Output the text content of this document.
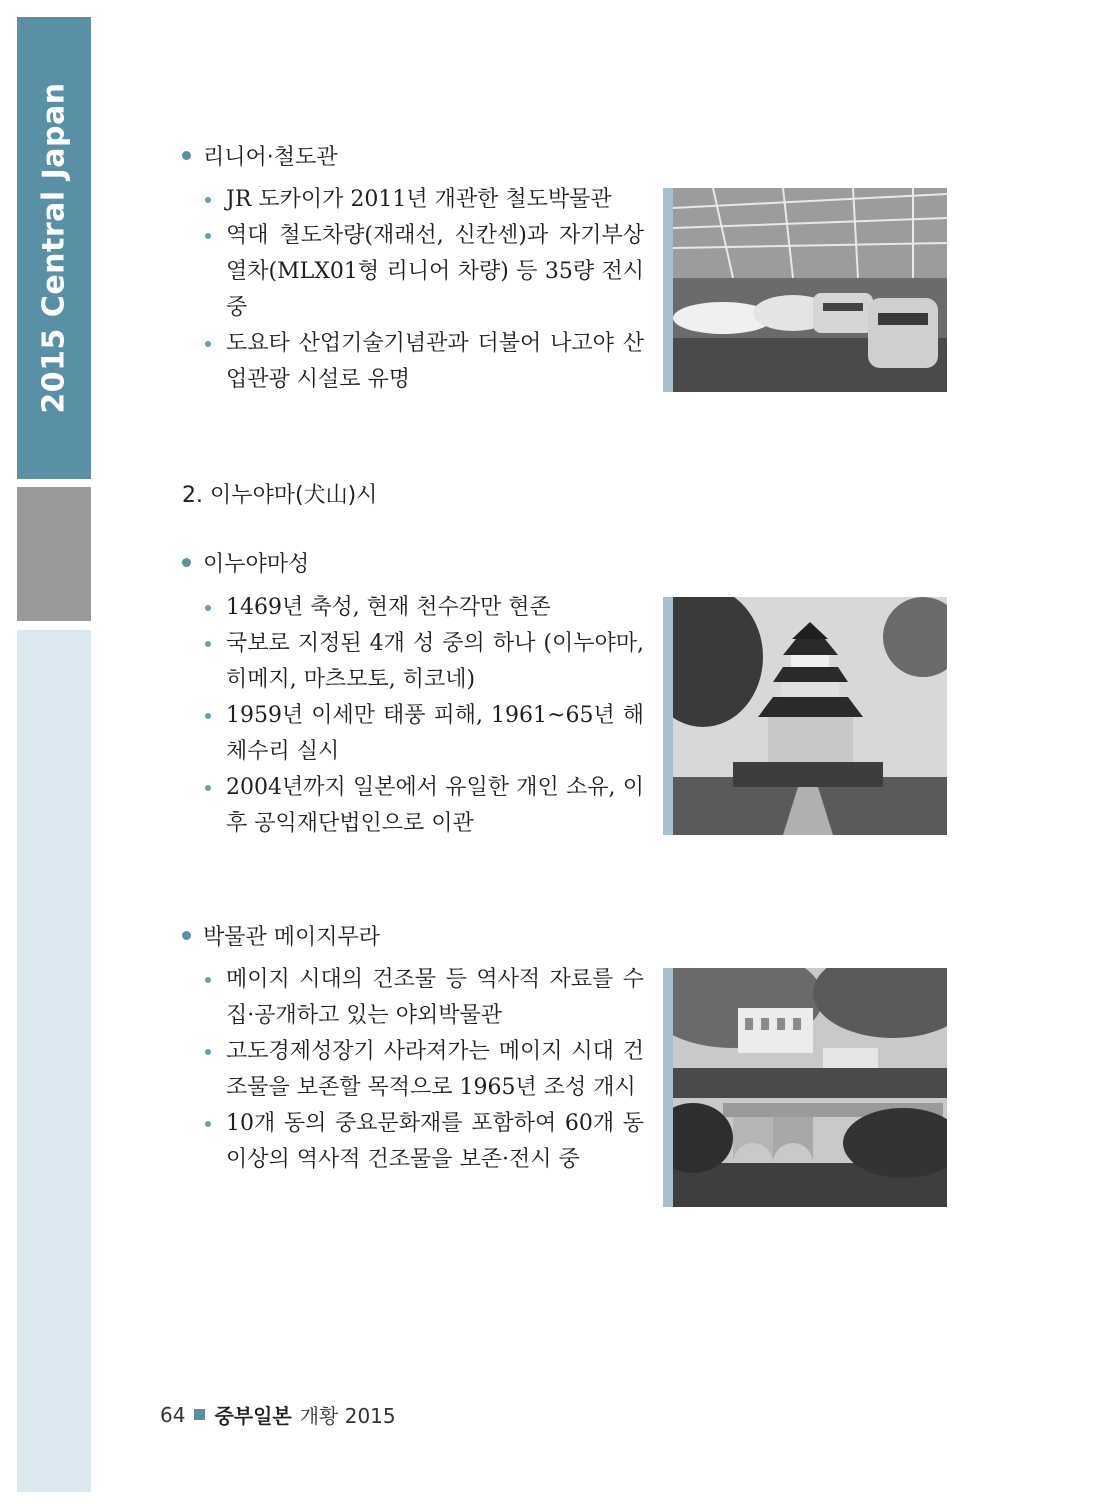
2015 Central Japan	리니어·철도관
JR 도카이가 2011년 개관한 철도박물관
역대 철도차량(재래선, 신칸센)과 자기부상열차(MLX01형 리니어 차량) 등 35량 전시 중
도요타 산업기술기념관과 더불어 나고야 산업관광 시설로 유명
2. 이누야마(犬山)시
이누야마성
1469년 축성, 현재 천수각만 현존
국보로 지정된 4개 성 중의 하나 (이누야마, 히메지, 마츠모토, 히코네)
1959년 이세만 태풍 피해, 1961~65년 해체수리 실시
2004년까지 일본에서 유일한 개인 소유, 이후 공익재단법인으로 이관
박물관 메이지무라
메이지 시대의 건조물 등 역사적 자료를 수집·공개하고 있는 야외박물관
고도경제성장기 사라져가는 메이지 시대 건조물을 보존할 목적으로 1965년 조성 개시
10개 동의 중요문화재를 포함하여 60개 동 이상의 역사적 건조물을 보존·전시 중
64 중부일본 개황 2015
